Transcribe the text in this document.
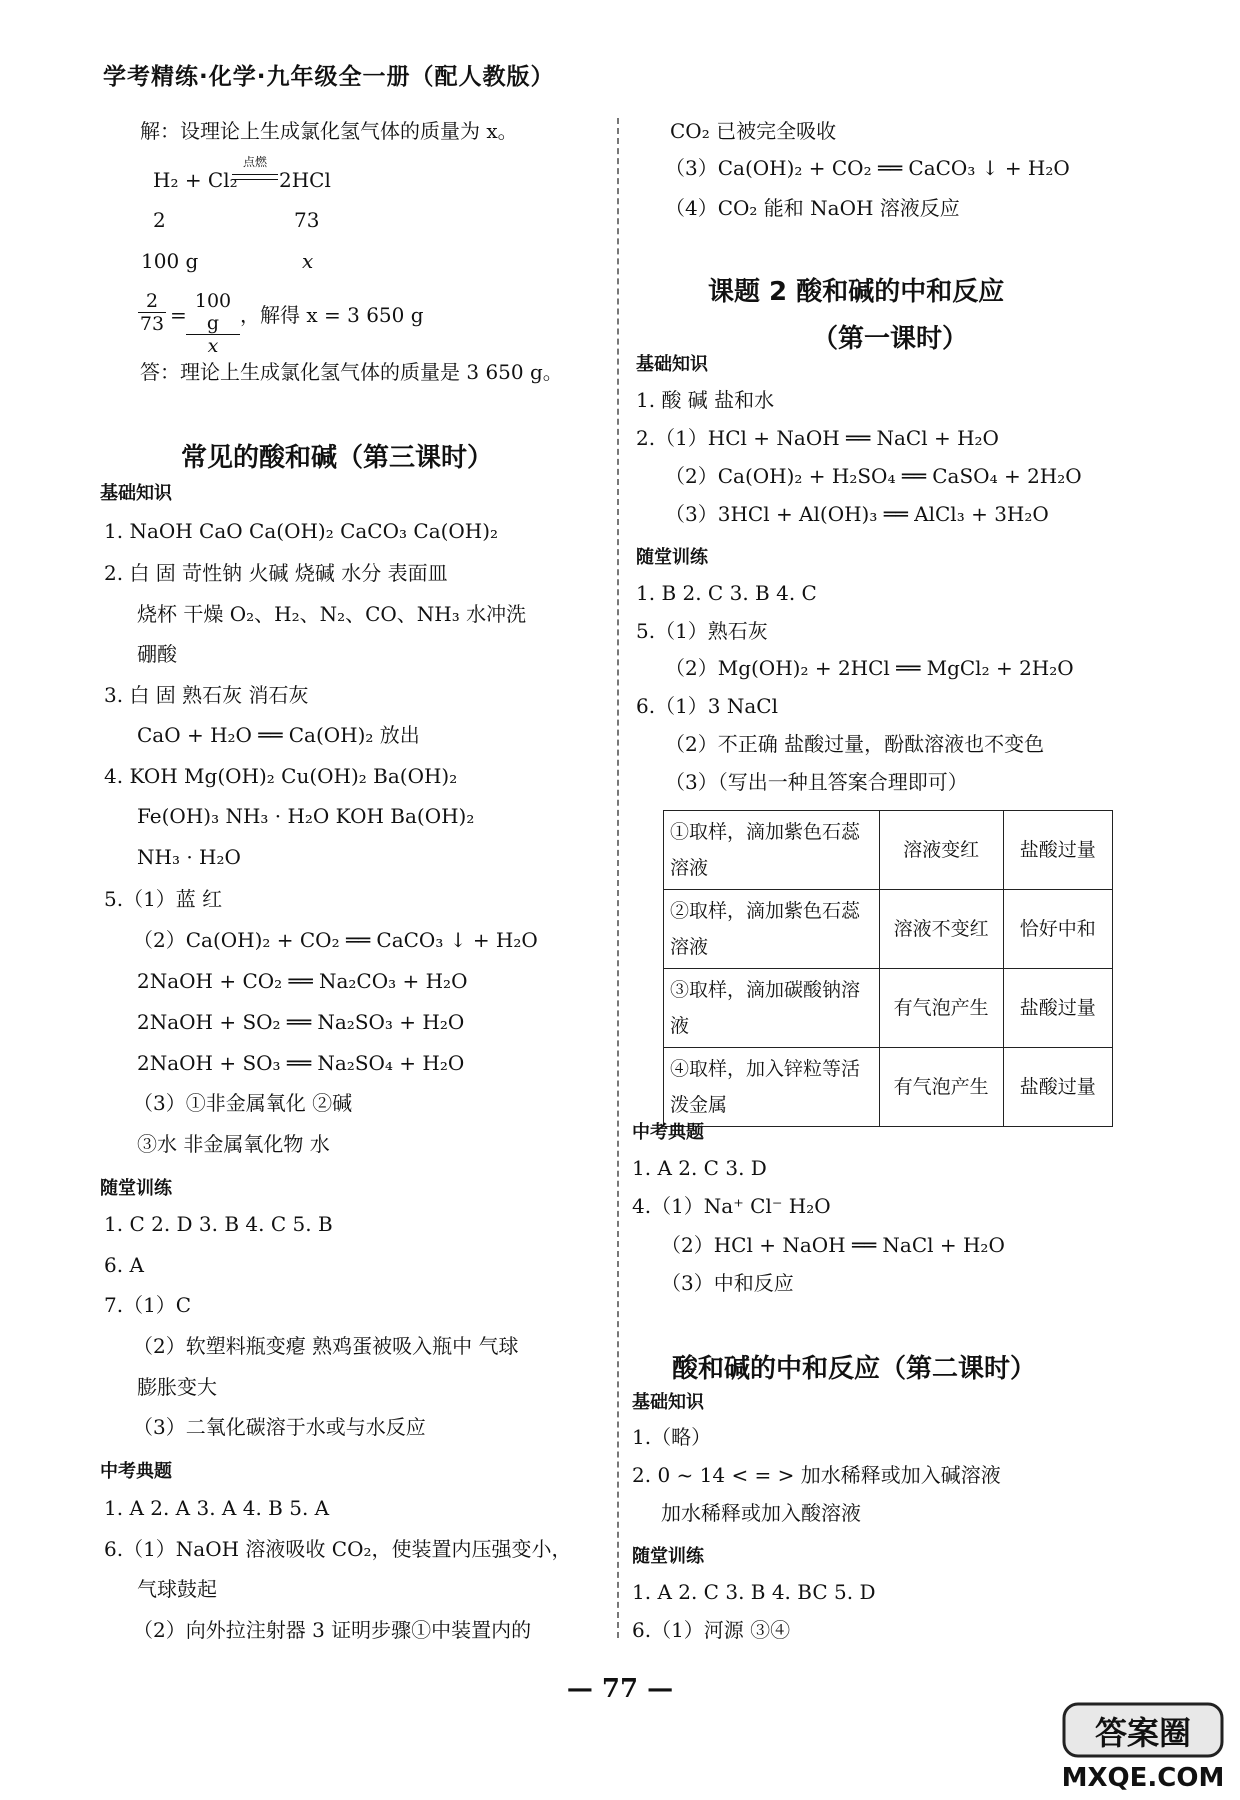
学考精练·化学·九年级全一册（配人教版）
解：设理论上生成氯化氢气体的质量为 x。
H₂ + Cl₂
点燃
2HCl
2	73
100 g	x
$\frac{2}{73} = \frac{100 g}{x}$ ，解得 x = 3 650 g
答：理论上生成氯化氢气体的质量是 3 650 g。
常见的酸和碱（第三课时）
基础知识
1. NaOH CaO Ca(OH)₂ CaCO₃ Ca(OH)₂
2. 白 固 苛性钠 火碱 烧碱 水分 表面皿
烧杯 干燥 O₂、H₂、N₂、CO、NH₃ 水冲洗
硼酸
3. 白 固 熟石灰 消石灰
CaO + H₂O ══ Ca(OH)₂ 放出
4. KOH Mg(OH)₂ Cu(OH)₂ Ba(OH)₂
Fe(OH)₃ NH₃ · H₂O KOH Ba(OH)₂
NH₃ · H₂O
5.（1）蓝 红
（2）Ca(OH)₂ + CO₂ ══ CaCO₃ ↓ + H₂O
2NaOH + CO₂ ══ Na₂CO₃ + H₂O
2NaOH + SO₂ ══ Na₂SO₃ + H₂O
2NaOH + SO₃ ══ Na₂SO₄ + H₂O
（3）①非金属氧化 ②碱
③水 非金属氧化物 水
随堂训练
1. C 2. D 3. B 4. C 5. B
6. A
7.（1）C
（2）软塑料瓶变瘪 熟鸡蛋被吸入瓶中 气球
膨胀变大
（3）二氧化碳溶于水或与水反应
中考典题
1. A 2. A 3. A 4. B 5. A
6.（1）NaOH 溶液吸收 CO₂，使装置内压强变小，
气球鼓起
（2）向外拉注射器 3 证明步骤①中装置内的
CO₂ 已被完全吸收
（3）Ca(OH)₂ + CO₂ ══ CaCO₃ ↓ + H₂O
（4）CO₂ 能和 NaOH 溶液反应
课题 2 酸和碱的中和反应
（第一课时）
基础知识
1. 酸 碱 盐和水
2.（1）HCl + NaOH ══ NaCl + H₂O
（2）Ca(OH)₂ + H₂SO₄ ══ CaSO₄ + 2H₂O
（3）3HCl + Al(OH)₃ ══ AlCl₃ + 3H₂O
随堂训练
1. B 2. C 3. B 4. C
5.（1）熟石灰
（2）Mg(OH)₂ + 2HCl ══ MgCl₂ + 2H₂O
6.（1）3 NaCl
（2）不正确 盐酸过量，酚酞溶液也不变色
（3）（写出一种且答案合理即可）
①取样，滴加紫色石蕊溶液	溶液变红	盐酸过量
②取样，滴加紫色石蕊溶液	溶液不变红	恰好中和
③取样，滴加碳酸钠溶液	有气泡产生	盐酸过量
④取样，加入锌粒等活泼金属	有气泡产生	盐酸过量
中考典题
1. A 2. C 3. D
4.（1）Na⁺ Cl⁻ H₂O
（2）HCl + NaOH ══ NaCl + H₂O
（3）中和反应
酸和碱的中和反应（第二课时）
基础知识
1.（略）
2. 0 ~ 14 < = > 加水稀释或加入碱溶液
加水稀释或加入酸溶液
随堂训练
1. A 2. C 3. B 4. BC 5. D
6.（1）河源 ③④
— 77 —
答案圈
MXQE.COM
